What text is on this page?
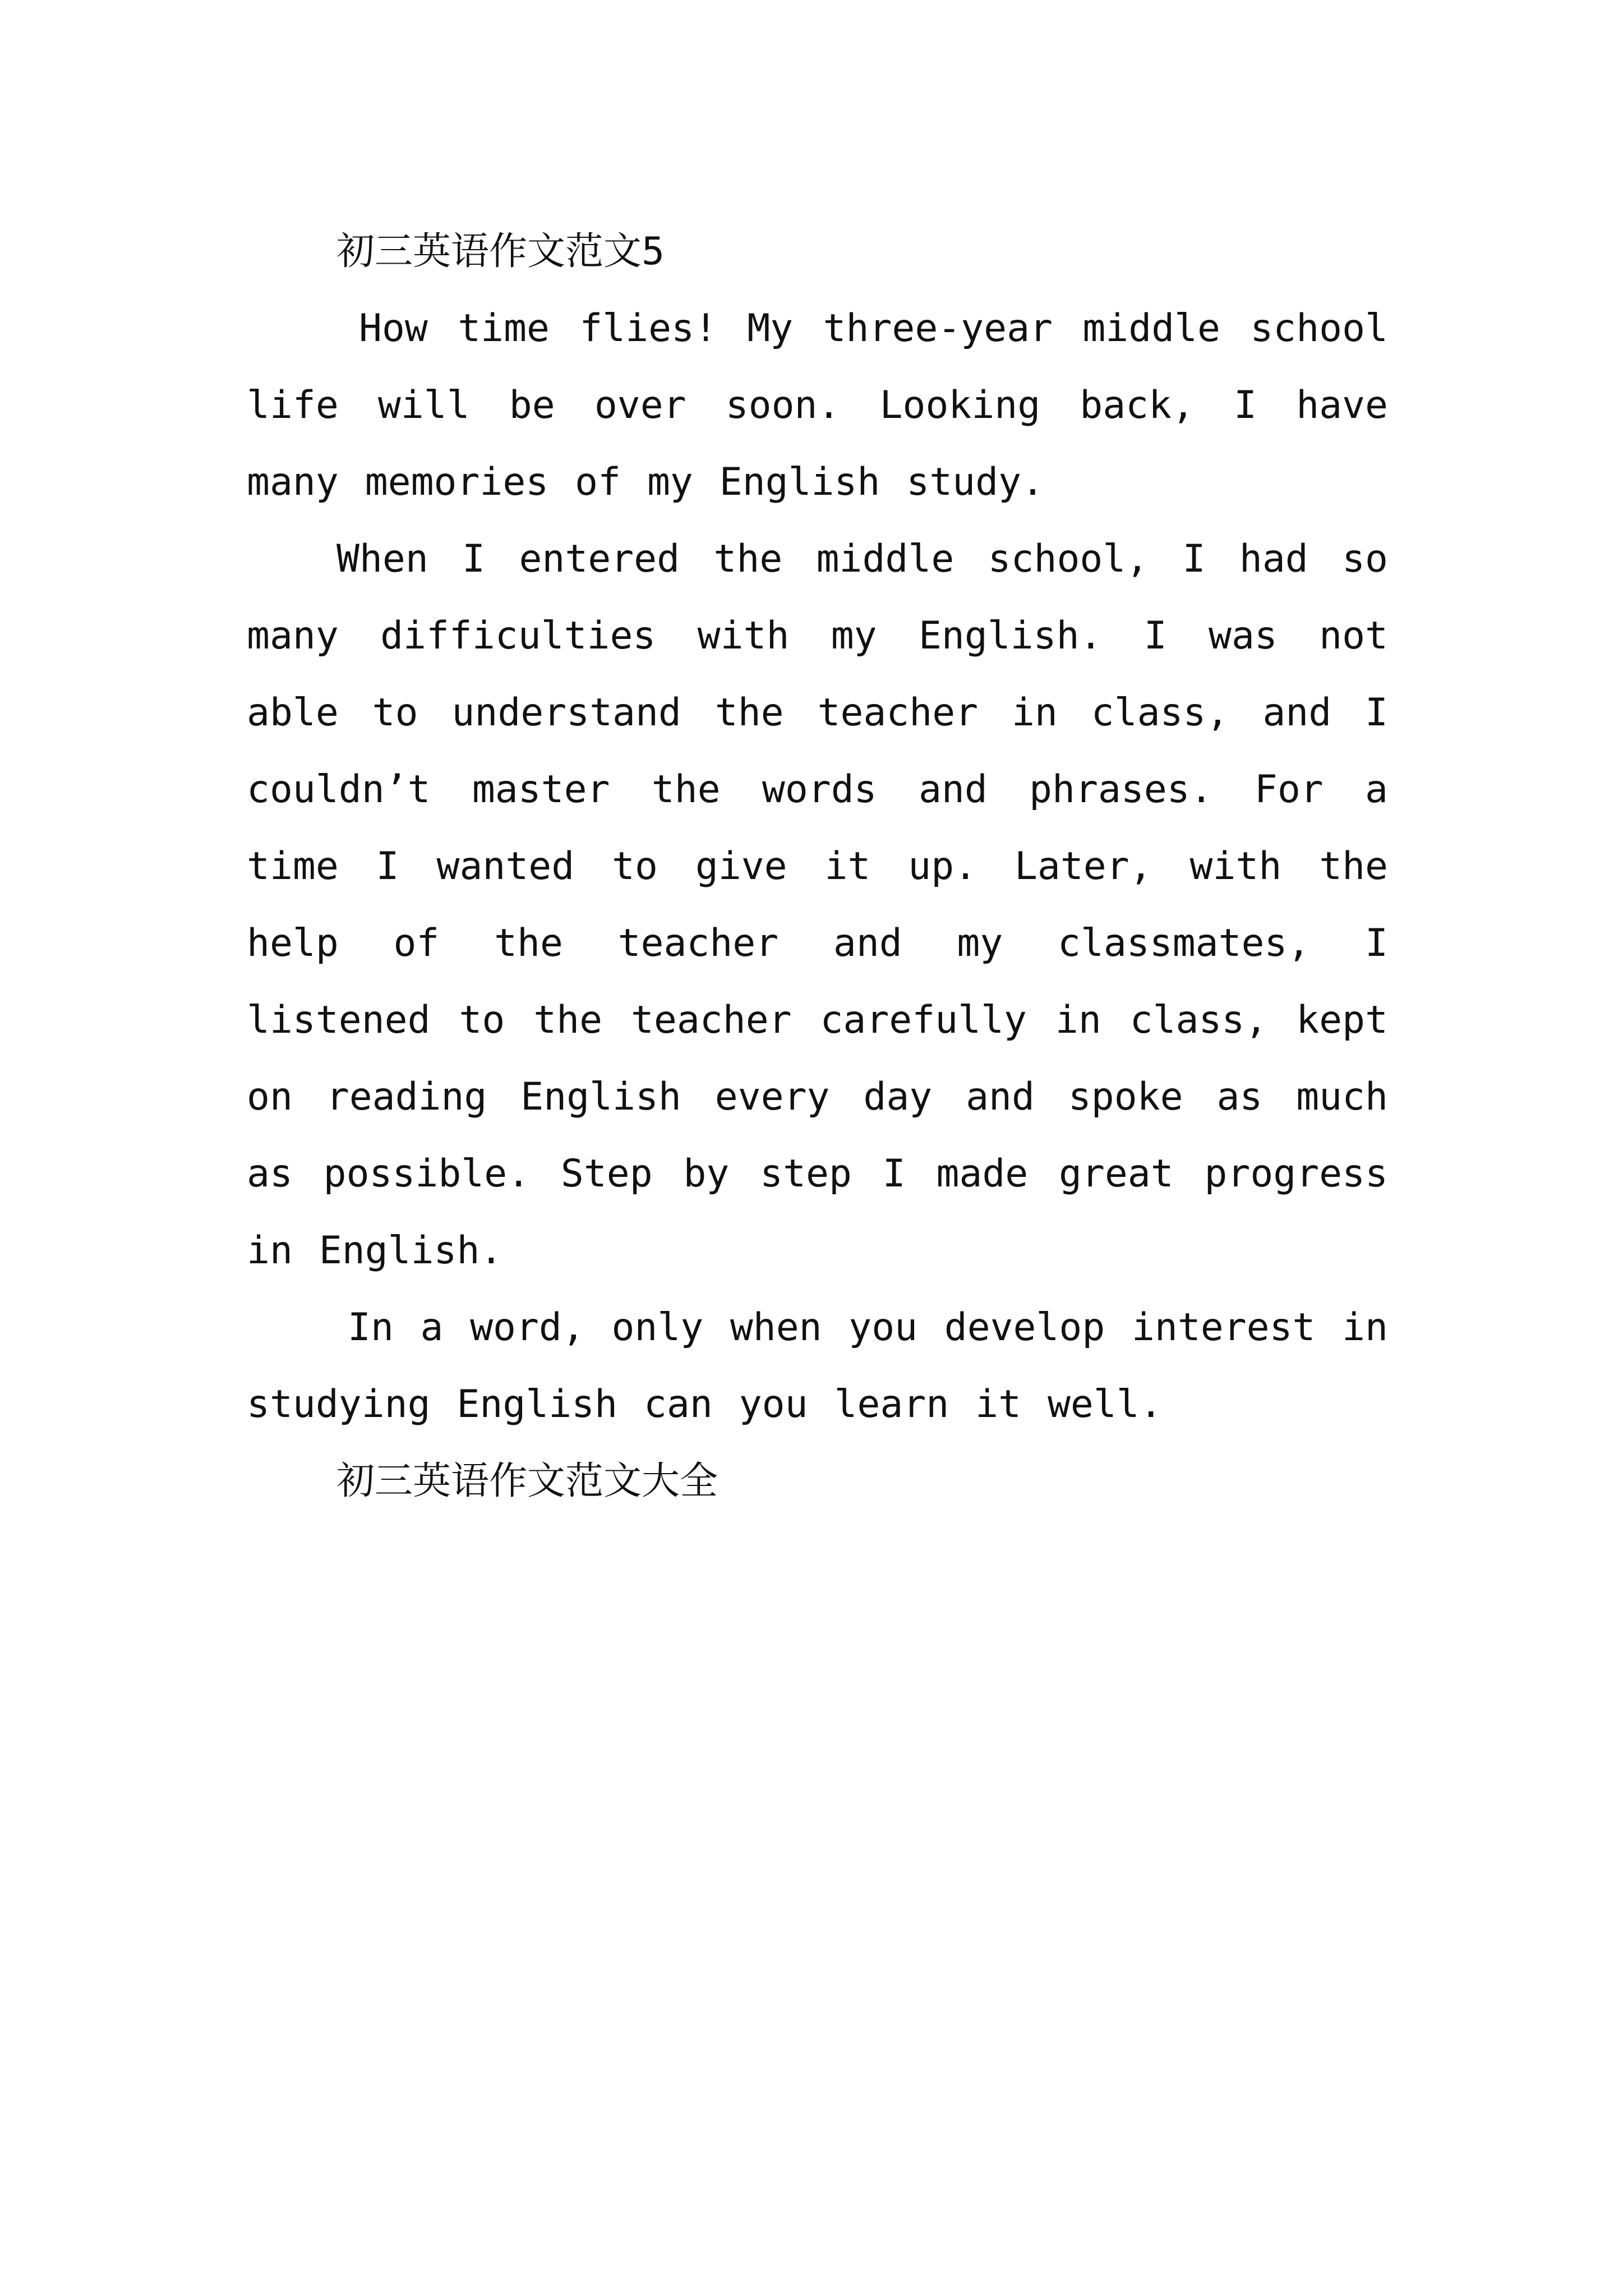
初三英语作文范文5

How time flies! My three-year middle school life will be over soon. Looking back, I have many memories of my English study.

When I entered the middle school, I had so many difficulties with my English. I was not able to understand the teacher in class, and I couldn’t master the words and phrases. For a time I wanted to give it up. Later, with the help of the teacher and my classmates, I listened to the teacher carefully in class, kept on reading English every day and spoke as much as possible. Step by step I made great progress in English.

In a word, only when you develop interest in studying English can you learn it well.

初三英语作文范文大全
